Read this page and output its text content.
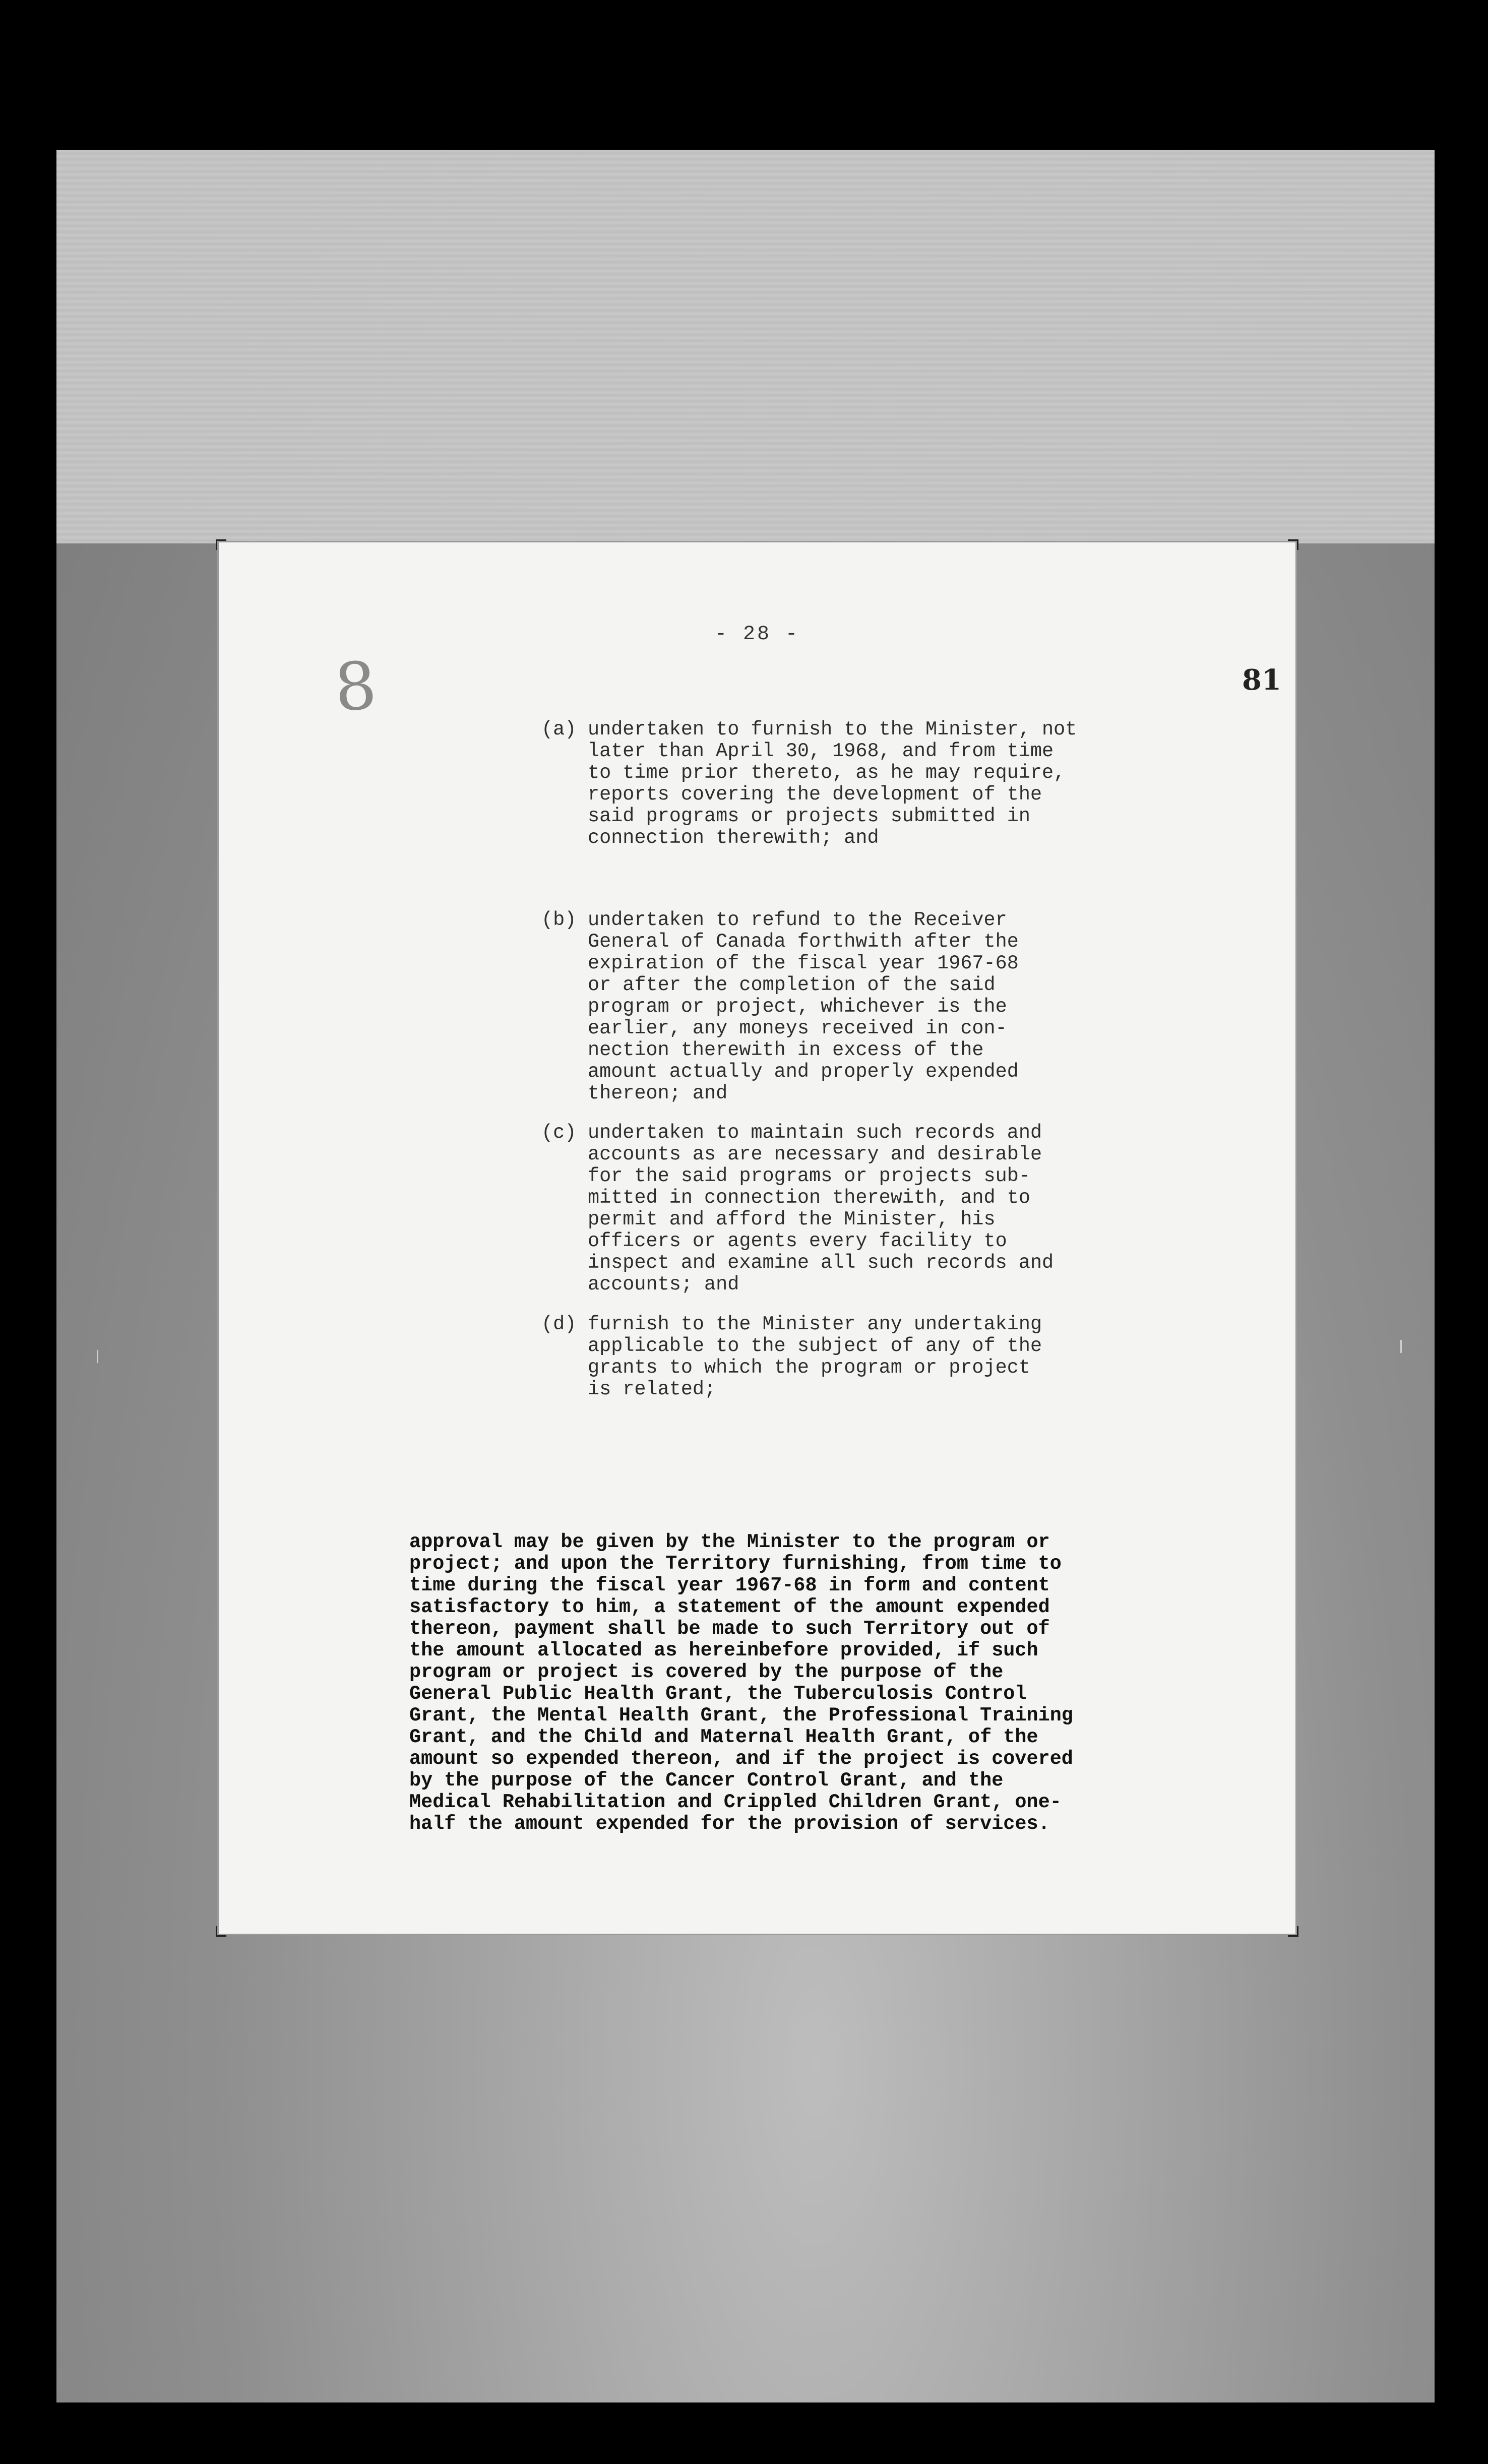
- 28 -
81
8
(a) undertaken to furnish to the Minister, not
later than April 30, 1968, and from time
to time prior thereto, as he may require,
reports covering the development of the
said programs or projects submitted in
connection therewith; and
(b) undertaken to refund to the Receiver
General of Canada forthwith after the
expiration of the fiscal year 1967-68
or after the completion of the said
program or project, whichever is the
earlier, any moneys received in con-
nection therewith in excess of the
amount actually and properly expended
thereon; and
(c) undertaken to maintain such records and
accounts as are necessary and desirable
for the said programs or projects sub-
mitted in connection therewith, and to
permit and afford the Minister, his
officers or agents every facility to
inspect and examine all such records and
accounts; and
(d) furnish to the Minister any undertaking
applicable to the subject of any of the
grants to which the program or project
is related;
approval may be given by the Minister to the program or
project; and upon the Territory furnishing, from time to
time during the fiscal year 1967-68 in form and content
satisfactory to him, a statement of the amount expended
thereon, payment shall be made to such Territory out of
the amount allocated as hereinbefore provided, if such
program or project is covered by the purpose of the
General Public Health Grant, the Tuberculosis Control
Grant, the Mental Health Grant, the Professional Training
Grant, and the Child and Maternal Health Grant, of the
amount so expended thereon, and if the project is covered
by the purpose of the Cancer Control Grant, and the
Medical Rehabilitation and Crippled Children Grant, one-
half the amount expended for the provision of services.
